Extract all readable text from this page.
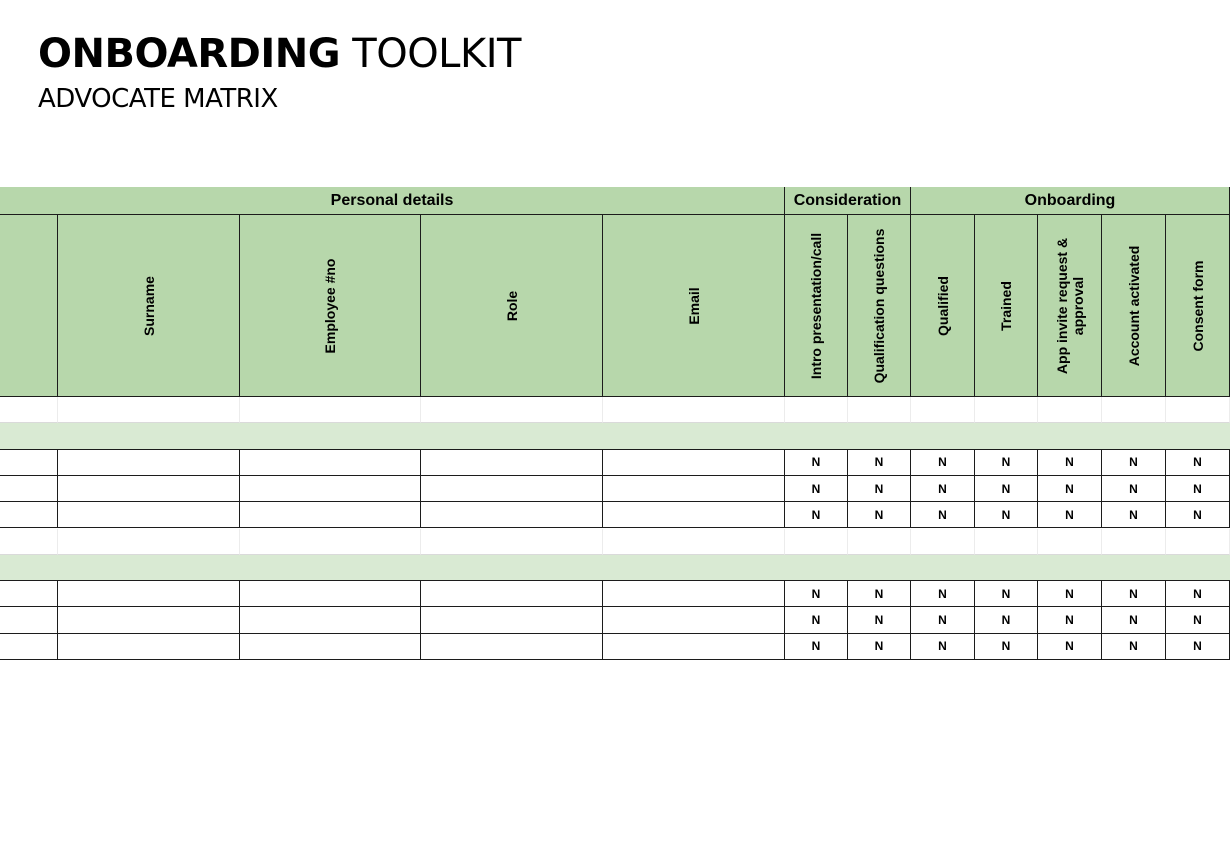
ONBOARDING TOOLKIT
ADVOCATE MATRIX
Personal details	Consideration	Onboarding
Surname	Employee #no	Role	Email	Intro presentation/call	Qualification questions	Qualified	Trained	App invite request & approval	Account activated	Consent form
N	N	N	N	N	N	N
N	N	N	N	N	N	N
N	N	N	N	N	N	N
N	N	N	N	N	N	N
N	N	N	N	N	N	N
N	N	N	N	N	N	N
